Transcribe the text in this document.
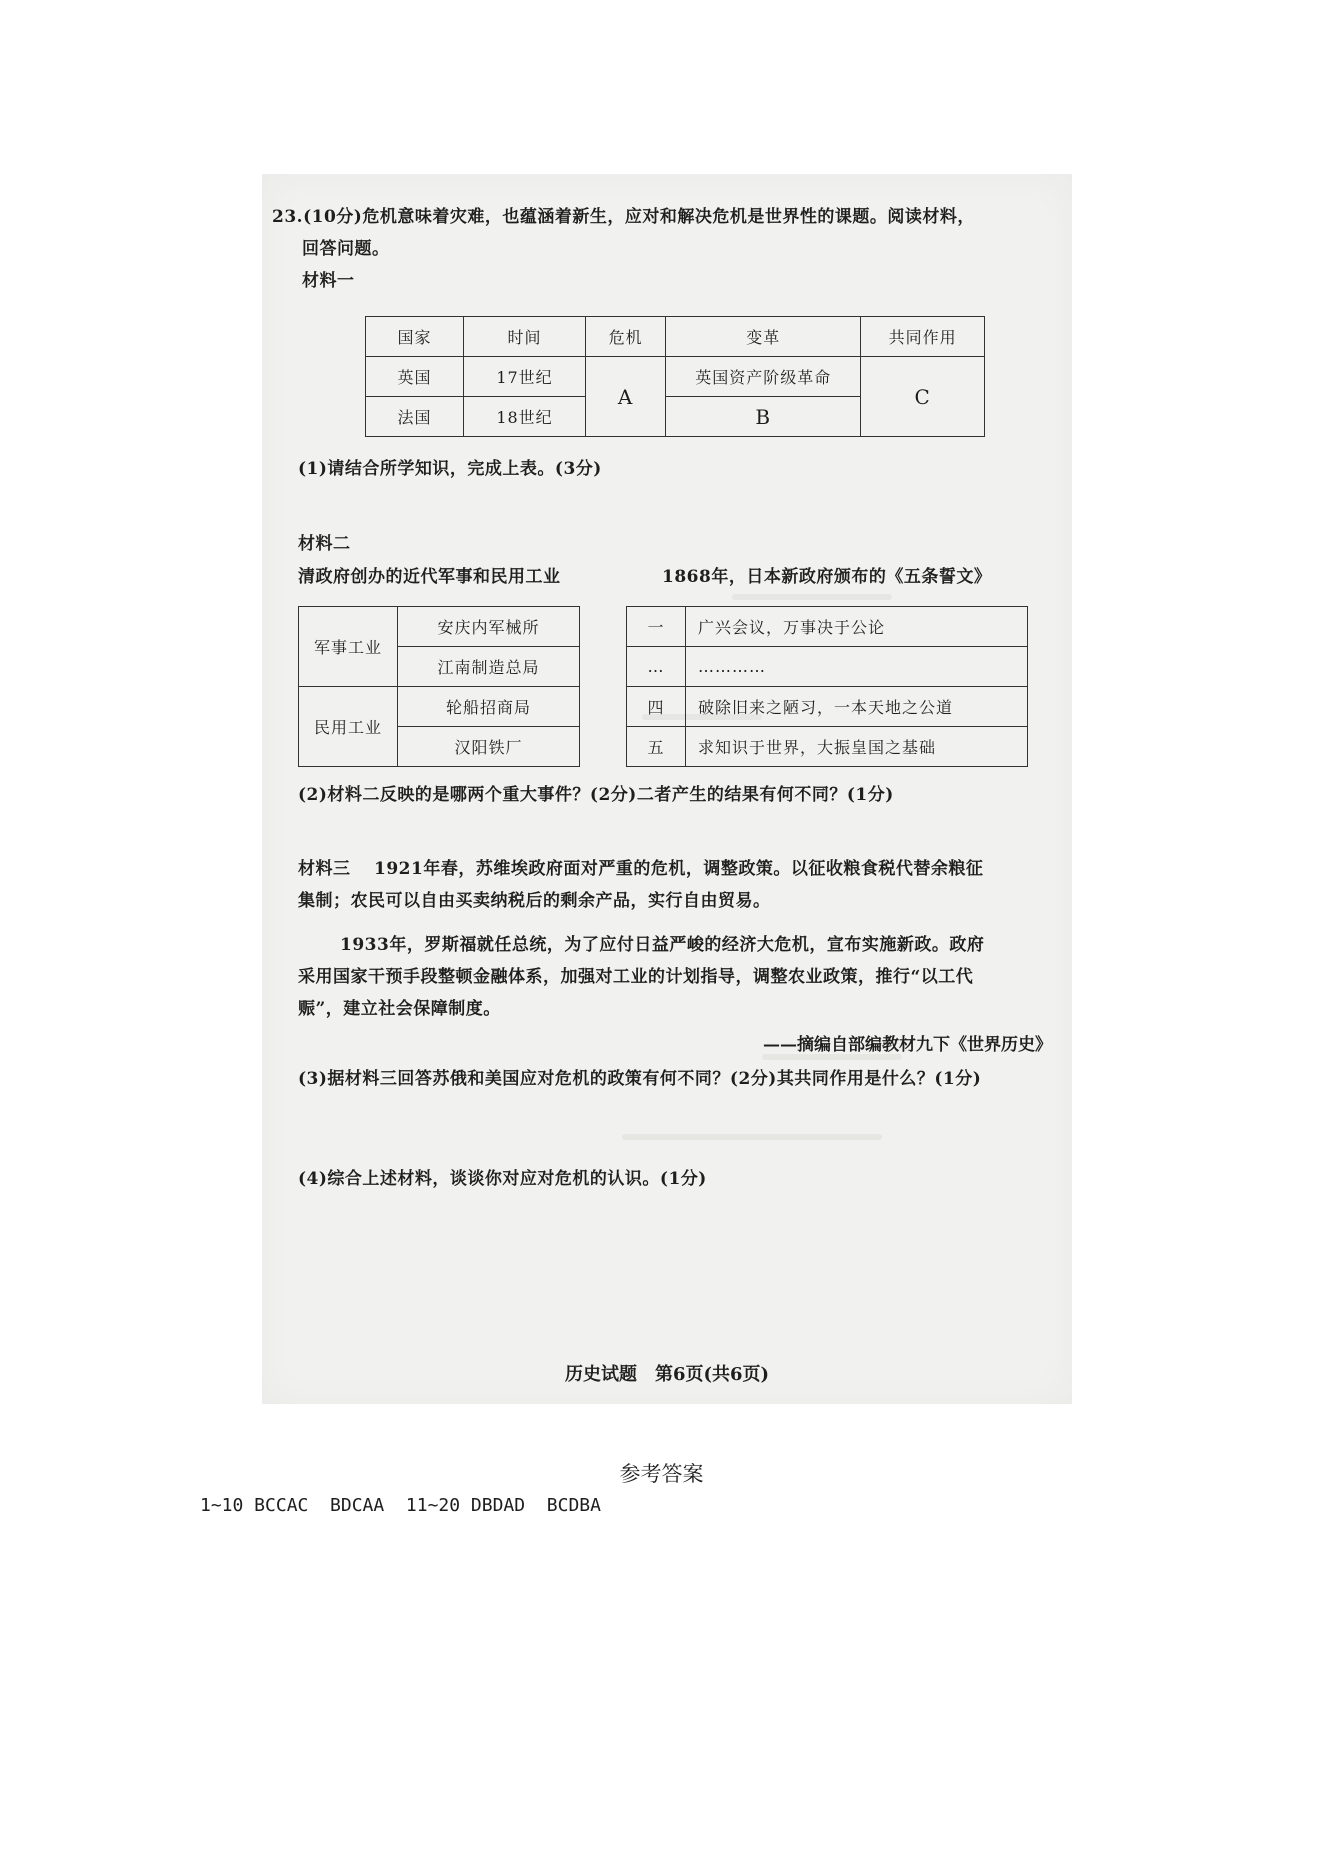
23.(10分)危机意味着灾难，也蕴涵着新生，应对和解决危机是世界性的课题。阅读材料，
回答问题。
材料一
国家	时间	危机	变革	共同作用
英国	17世纪	A	英国资产阶级革命	C
法国	18世纪		B	
(1)请结合所学知识，完成上表。(3分)
材料二
清政府创办的近代军事和民用工业	1868年，日本新政府颁布的《五条誓文》
军事工业	安庆内军械所
	江南制造总局
民用工业	轮船招商局
	汉阳铁厂
一	广兴会议，万事决于公论
…	…………
四	破除旧来之陋习，一本天地之公道
五	求知识于世界，大振皇国之基础
(2)材料二反映的是哪两个重大事件？(2分)二者产生的结果有何不同？(1分)
材料三 1921年春，苏维埃政府面对严重的危机，调整政策。以征收粮食税代替余粮征
集制；农民可以自由买卖纳税后的剩余产品，实行自由贸易。
1933年，罗斯福就任总统，为了应付日益严峻的经济大危机，宣布实施新政。政府
采用国家干预手段整顿金融体系，加强对工业的计划指导，调整农业政策，推行“以工代
赈”，建立社会保障制度。
——摘编自部编教材九下《世界历史》
(3)据材料三回答苏俄和美国应对危机的政策有何不同？(2分)其共同作用是什么？(1分)
(4)综合上述材料，谈谈你对应对危机的认识。(1分)
历史试题　第6页(共6页)
参考答案
1~10 BCCAC  BDCAA  11~20 DBDAD  BCDBA
